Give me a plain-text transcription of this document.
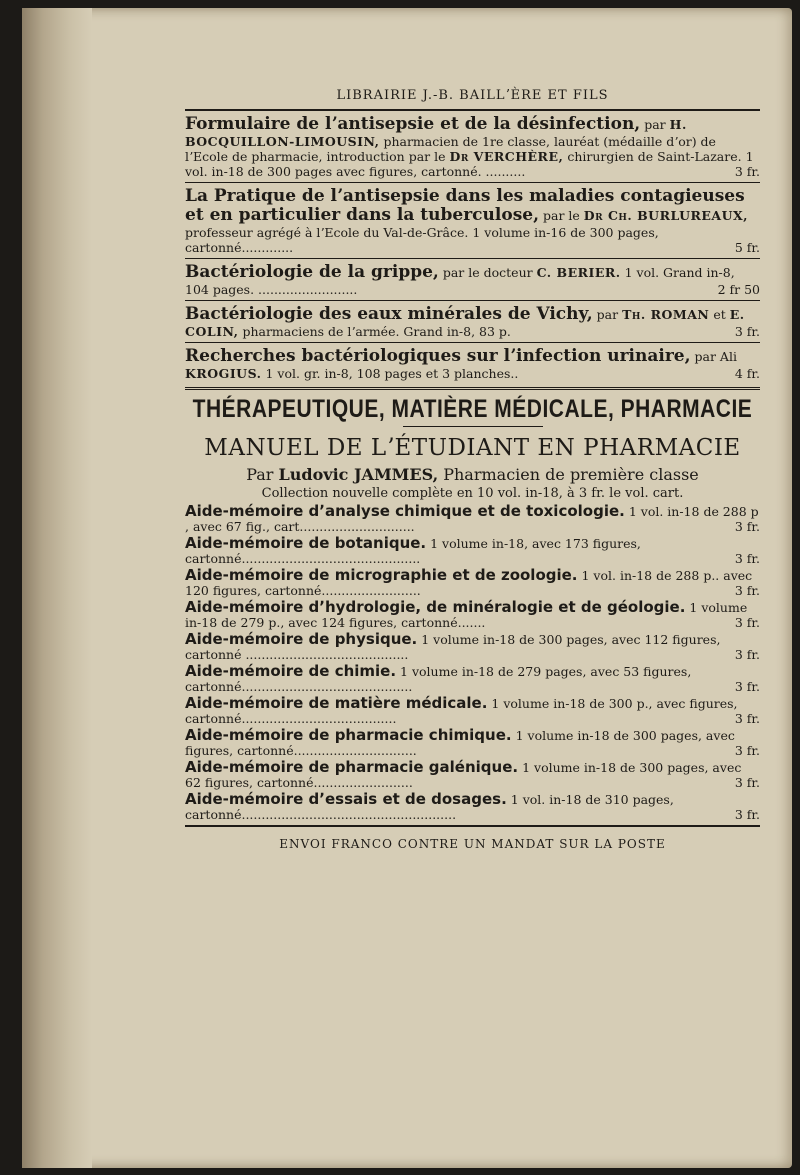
LIBRAIRIE J.-B. BAILLʼÈRE ET FILS
Formulaire de lʼantisepsie et de la désinfection, par H. BOCQUILLON-LIMOUSIN, pharmacien de 1re classe, lauréat (médaille dʼor) de lʼEcole de pharmacie, introduction par le Dr VERCHÈRE, chirurgien de Saint-Lazare. 1 vol. in-18 de 300 pages avec figures, cartonné. ..........	3 fr.
La Pratique de lʼantisepsie dans les maladies contagieuses et en particulier dans la tuberculose, par le Dr Ch. BURLUREAUX, professeur agrégé à lʼEcole du Val-de-Grâce. 1 volume in-16 de 300 pages, cartonné.............	5 fr.
Bactériologie de la grippe, par le docteur C. BERIER. 1 vol. Grand in-8, 104 pages. .........................	2 fr 50
Bactériologie des eaux minérales de Vichy, par Th. ROMAN et E. COLIN, pharmaciens de lʼarmée. Grand in-8, 83 p.	3 fr.
Recherches bactériologiques sur lʼinfection urinaire, par Ali KROGIUS. 1 vol. gr. in-8, 108 pages et 3 planches..	4 fr.
THÉRAPEUTIQUE, MATIÈRE MÉDICALE, PHARMACIE
MANUEL DE LʼÉTUDIANT EN PHARMACIE
Par Ludovic JAMMES, Pharmacien de première classe
Collection nouvelle complète en 10 vol. in-18, à 3 fr. le vol. cart.
Aide-mémoire dʼanalyse chimique et de toxicologie. 1 vol. in-18 de 288 p , avec 67 fig., cart.............................	3 fr.
Aide-mémoire de botanique. 1 volume in-18, avec 173 figures, cartonné.............................................	3 fr.
Aide-mémoire de micrographie et de zoologie. 1 vol. in-18 de 288 p.. avec 120 figures, cartonné.........................	3 fr.
Aide-mémoire dʼhydrologie, de minéralogie et de géologie. 1 volume in-18 de 279 p., avec 124 figures, cartonné.......	3 fr.
Aide-mémoire de physique. 1 volume in-18 de 300 pages, avec 112 figures, cartonné .........................................	3 fr.
Aide-mémoire de chimie. 1 volume in-18 de 279 pages, avec 53 figures, cartonné...........................................	3 fr.
Aide-mémoire de matière médicale. 1 volume in-18 de 300 p., avec figures, cartonné.......................................	3 fr.
Aide-mémoire de pharmacie chimique. 1 volume in-18 de 300 pages, avec figures, cartonné...............................	3 fr.
Aide-mémoire de pharmacie galénique. 1 volume in-18 de 300 pages, avec 62 figures, cartonné.........................	3 fr.
Aide-mémoire dʼessais et de dosages. 1 vol. in-18 de 310 pages, cartonné......................................................	3 fr.
ENVOI FRANCO CONTRE UN MANDAT SUR LA POSTE
